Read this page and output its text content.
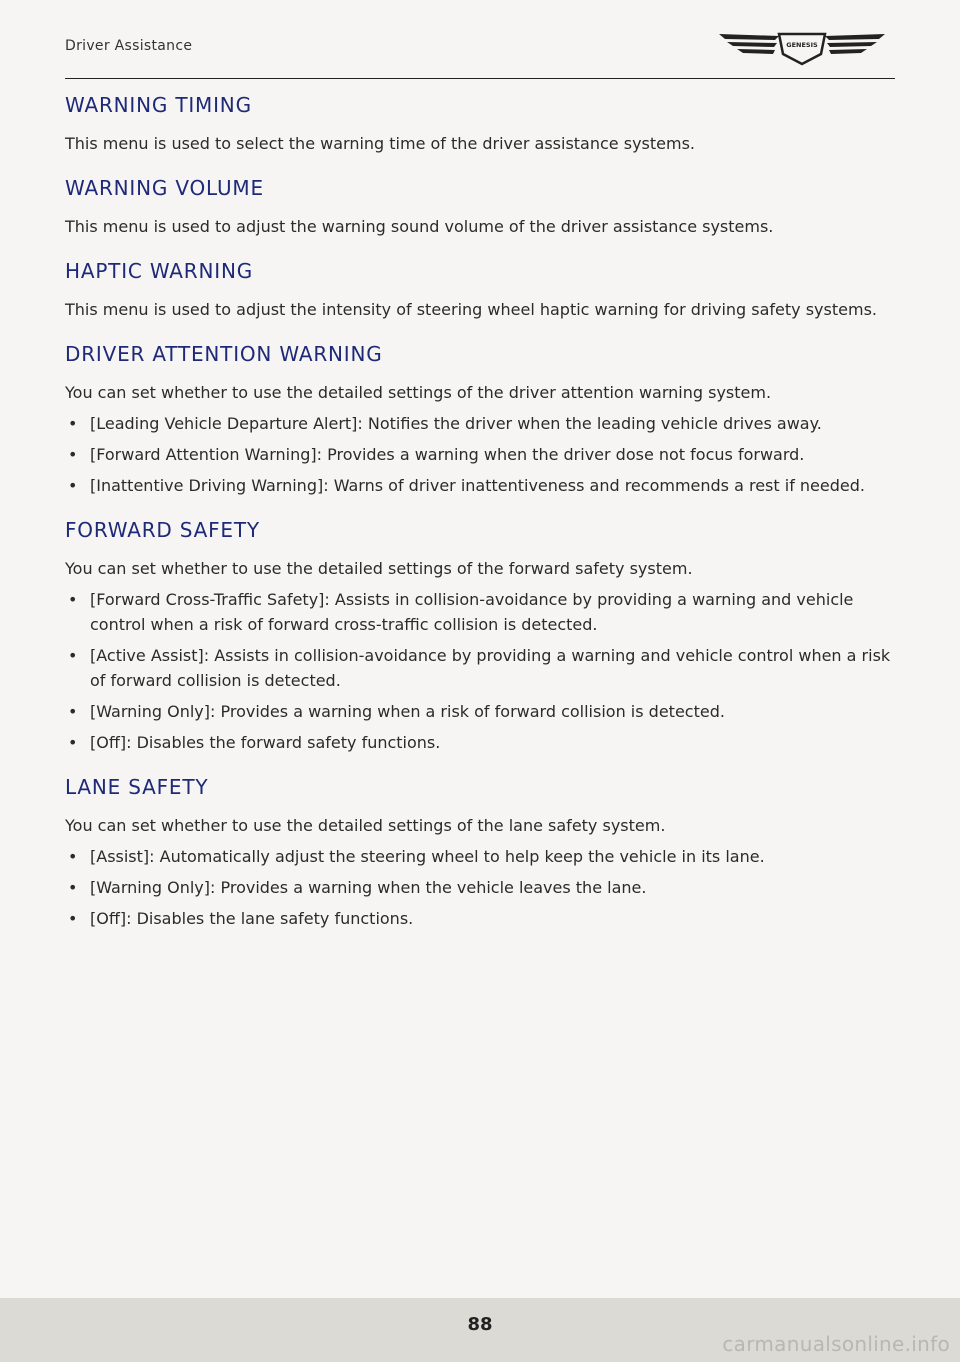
Driver Assistance	GENESIS
WARNING TIMING

This menu is used to select the warning time of the driver assistance systems.

WARNING VOLUME

This menu is used to adjust the warning sound volume of the driver assistance systems.

HAPTIC WARNING

This menu is used to adjust the intensity of steering wheel haptic warning for driving safety systems.

DRIVER ATTENTION WARNING

You can set whether to use the detailed settings of the driver attention warning system.

• [Leading Vehicle Departure Alert]: Notifies the driver when the leading vehicle drives away.
• [Forward Attention Warning]: Provides a warning when the driver dose not focus forward.
• [Inattentive Driving Warning]: Warns of driver inattentiveness and recommends a rest if needed.
FORWARD SAFETY

You can set whether to use the detailed settings of the forward safety system.

• [Forward Cross-Traffic Safety]: Assists in collision-avoidance by providing a warning and vehicle control when a risk of forward cross-traffic collision is detected.
• [Active Assist]: Assists in collision-avoidance by providing a warning and vehicle control when a risk of forward collision is detected.
• [Warning Only]: Provides a warning when a risk of forward collision is detected.
• [Off]: Disables the forward safety functions.
LANE SAFETY

You can set whether to use the detailed settings of the lane safety system.

• [Assist]: Automatically adjust the steering wheel to help keep the vehicle in its lane.
• [Warning Only]: Provides a warning when the vehicle leaves the lane.
• [Off]: Disables the lane safety functions.
88
carmanualsonline.info
